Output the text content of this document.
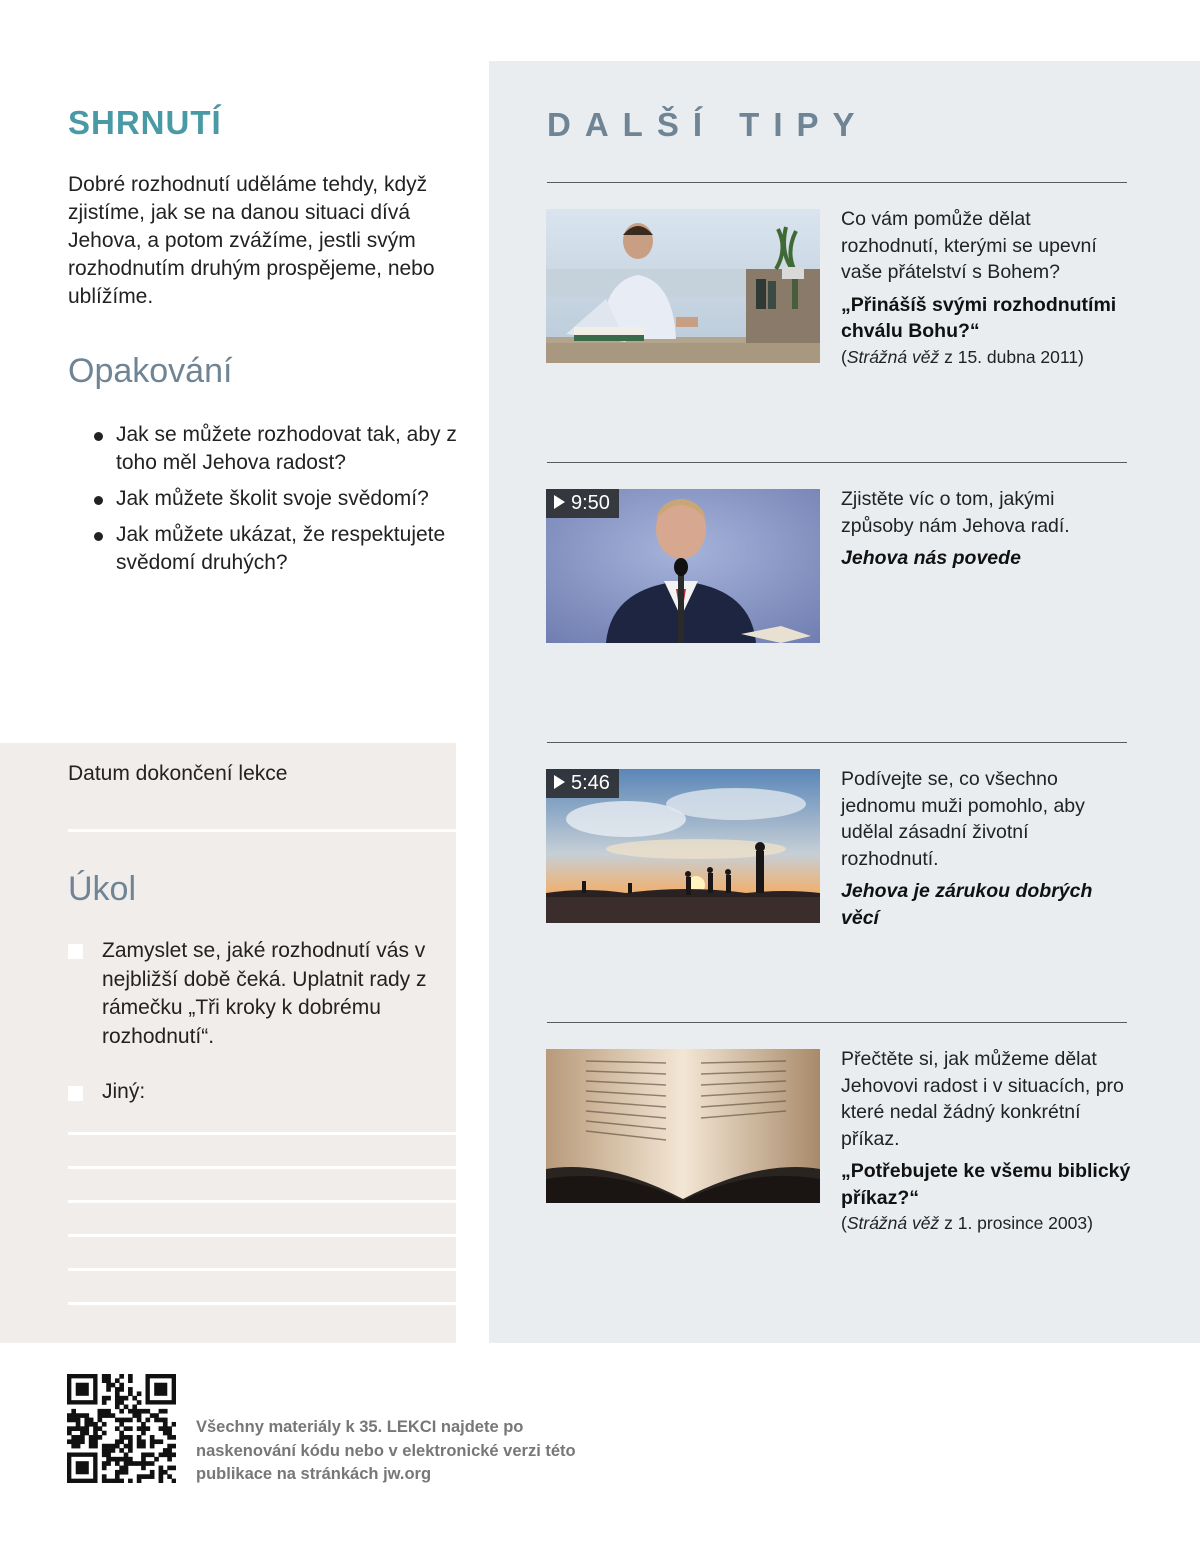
SHRNUTÍ
Dobré rozhodnutí uděláme tehdy, když zjistíme, jak se na danou situaci dívá Jehova, a potom zvážíme, jestli svým rozhodnutím druhým prospějeme, nebo ublížíme.
Opakování
Jak se můžete rozhodovat tak, aby z toho měl Jehova radost?
Jak můžete školit svoje svědomí?
Jak můžete ukázat, že respektujete svědomí druhých?
Datum dokončení lekce
Úkol
Zamyslet se, jaké rozhodnutí vás v nejbližší době čeká. Uplatnit rady z rámečku „Tři kroky k dobrému rozhodnutí“.
Jiný:
DALŠÍ TIPY
Co vám pomůže dělat rozhodnutí, kterými se upevní vaše přátelství s Bohem?
„Přinášíš svými rozhodnutími chválu Bohu?“
(Strážná věž z 15. dubna 2011)
9:50	Zjistěte víc o tom, jakými způsoby nám Jehova radí.
Jehova nás povede
5:46	Podívejte se, co všechno jednomu muži pomohlo, aby udělal zásadní životní rozhodnutí.
Jehova je zárukou dobrých věcí
Přečtěte si, jak můžeme dělat Jehovovi radost i v situacích, pro které nedal žádný konkrétní příkaz.
„Potřebujete ke všemu biblický příkaz?“
(Strážná věž z 1. prosince 2003)
Všechny materiály k 35. LEKCI najdete po naskenování kódu nebo v elektronické verzi této publikace na stránkách jw.org
